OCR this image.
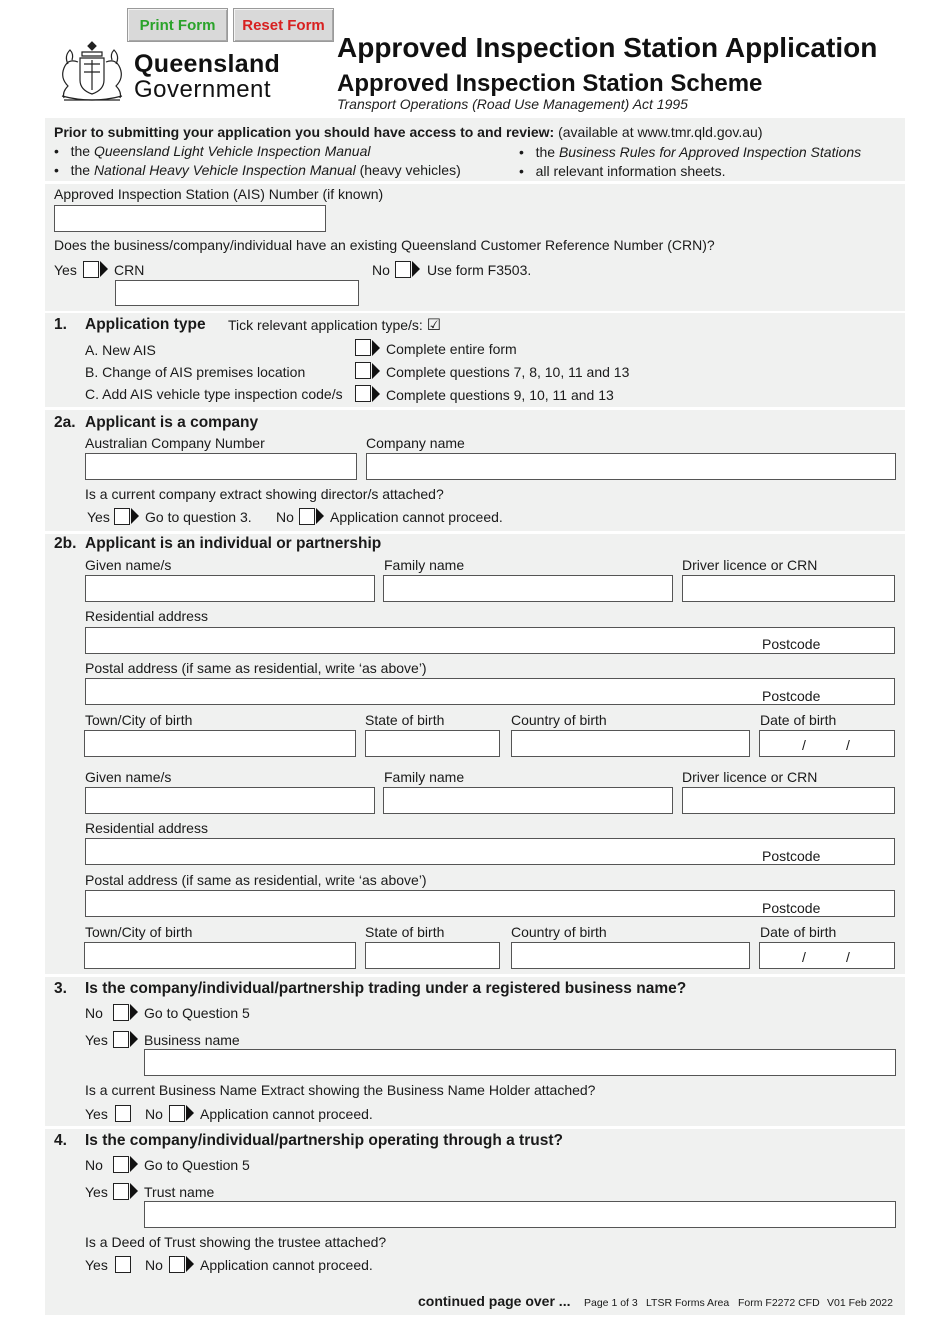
Print Form	Reset Form
Queensland
Government
Approved Inspection Station Application
Approved Inspection Station Scheme
Transport Operations (Road Use Management) Act 1995
Prior to submitting your application you should have access to and review: (available at www.tmr.qld.gov.au)
•   the Queensland Light Vehicle Inspection Manual
•   the National Heavy Vehicle Inspection Manual (heavy vehicles)
•   the Business Rules for Approved Inspection Stations
•   all relevant information sheets.
Approved Inspection Station (AIS) Number (if known)
Does the business/company/individual have an existing Queensland Customer Reference Number (CRN)?
Yes	CRN	No	Use form F3503.
1. Application type Tick relevant application type/s: ☑
A. New AIS	Complete entire form
B. Change of AIS premises location	Complete questions 7, 8, 10, 11 and 13
C. Add AIS vehicle type inspection code/s	Complete questions 9, 10, 11 and 13
2a. Applicant is a company
Australian Company Number	Company name
Is a current company extract showing director/s attached?
Yes	Go to question 3. No	Application cannot proceed.
2b. Applicant is an individual or partnership
Given name/s	Family name	Driver licence or CRN
Residential address
Postcode
Postal address (if same as residential, write ‘as above’)
Postcode
Town/City of birth	State of birth	Country of birth	Date of birth
/	/
Given name/s	Family name	Driver licence or CRN
Residential address
Postcode
Postal address (if same as residential, write ‘as above’)
Postcode
Town/City of birth	State of birth	Country of birth	Date of birth
/	/
3. Is the company/individual/partnership trading under a registered business name?
No	Go to Question 5
Yes	Business name
Is a current Business Name Extract showing the Business Name Holder attached?
Yes	No	Application cannot proceed.
4. Is the company/individual/partnership operating through a trust?
No	Go to Question 5
Yes	Trust name
Is a Deed of Trust showing the trustee attached?
Yes	No	Application cannot proceed.
continued page over ... Page 1 of 3 LTSR Forms Area Form F2272 CFD V01 Feb 2022
